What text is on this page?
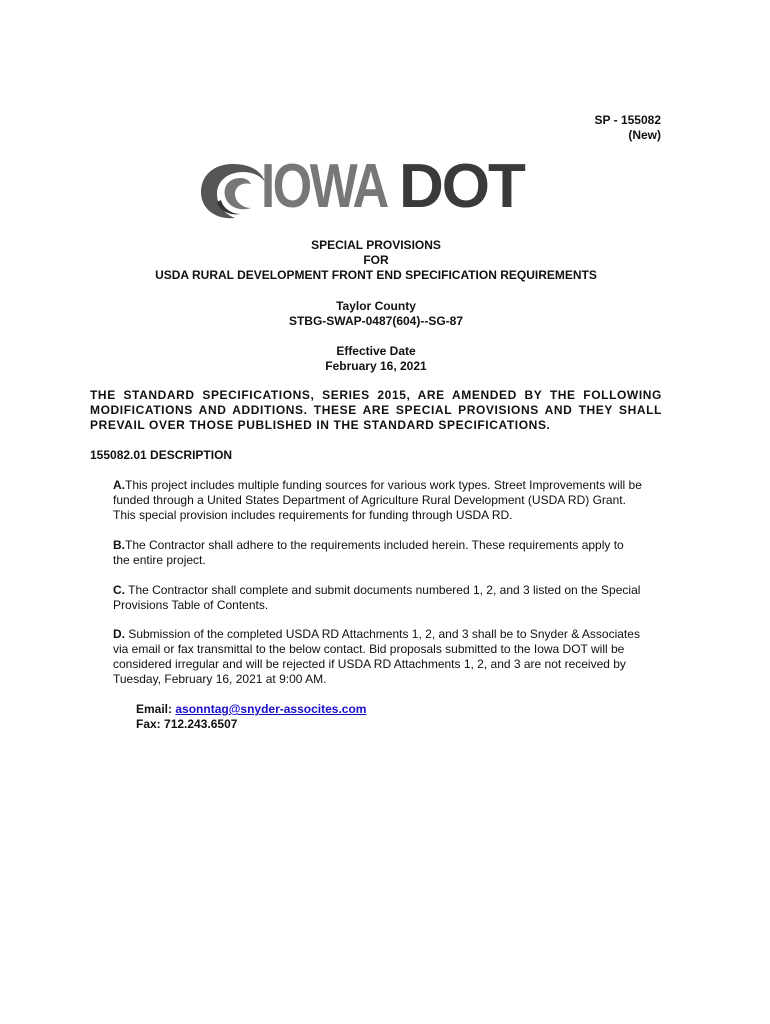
SP - 155082
(New)
IOWA DOT
SPECIAL PROVISIONS
FOR
USDA RURAL DEVELOPMENT FRONT END SPECIFICATION REQUIREMENTS
Taylor County
STBG-SWAP-0487(604)--SG-87
Effective Date
February 16, 2021
THE STANDARD SPECIFICATIONS, SERIES 2015, ARE AMENDED BY THE FOLLOWING MODIFICATIONS AND ADDITIONS. THESE ARE SPECIAL PROVISIONS AND THEY SHALL PREVAIL OVER THOSE PUBLISHED IN THE STANDARD SPECIFICATIONS.
155082.01 DESCRIPTION
A.This project includes multiple funding sources for various work types. Street Improvements will be funded through a United States Department of Agriculture Rural Development (USDA RD) Grant. This special provision includes requirements for funding through USDA RD.
B.The Contractor shall adhere to the requirements included herein. These requirements apply to the entire project.
C. The Contractor shall complete and submit documents numbered 1, 2, and 3 listed on the Special Provisions Table of Contents.
D. Submission of the completed USDA RD Attachments 1, 2, and 3 shall be to Snyder & Associates via email or fax transmittal to the below contact. Bid proposals submitted to the Iowa DOT will be considered irregular and will be rejected if USDA RD Attachments 1, 2, and 3 are not received by Tuesday, February 16, 2021 at 9:00 AM.
Email: asonntag@snyder-assocites.com
Fax: 712.243.6507
